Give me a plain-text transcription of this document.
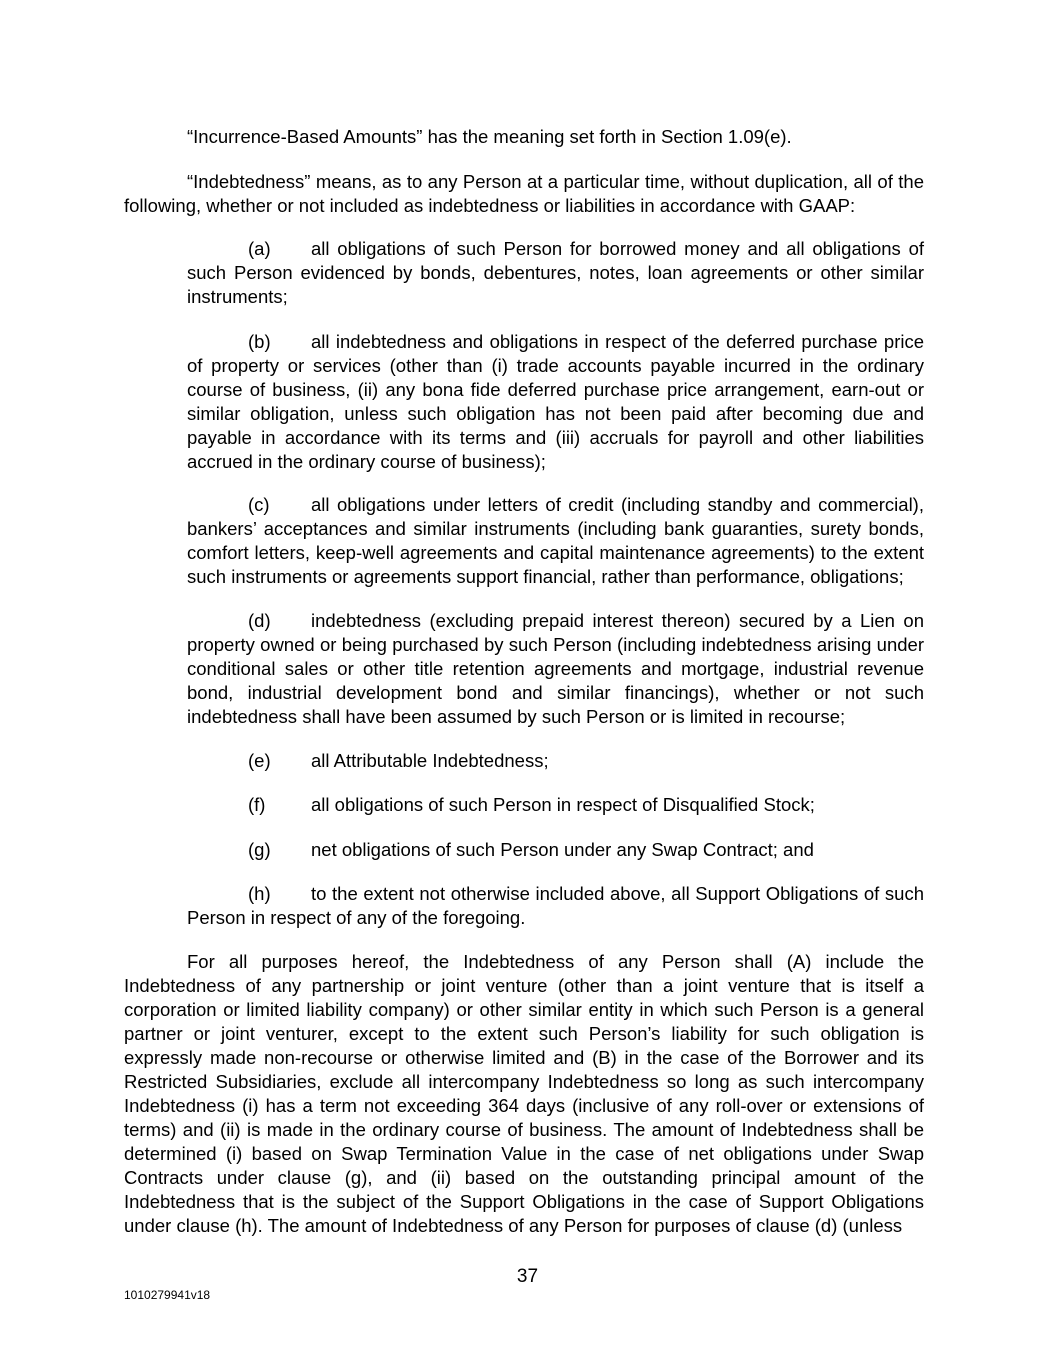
“Incurrence-Based Amounts” has the meaning set forth in Section 1.09(e).

“Indebtedness” means, as to any Person at a particular time, without duplication, all of the following, whether or not included as indebtedness or liabilities in accordance with GAAP:

(a) all obligations of such Person for borrowed money and all obligations of such Person evidenced by bonds, debentures, notes, loan agreements or other similar instruments;

(b) all indebtedness and obligations in respect of the deferred purchase price of property or services (other than (i) trade accounts payable incurred in the ordinary course of business, (ii) any bona fide deferred purchase price arrangement, earn-out or similar obligation, unless such obligation has not been paid after becoming due and payable in accordance with its terms and (iii) accruals for payroll and other liabilities accrued in the ordinary course of business);

(c) all obligations under letters of credit (including standby and commercial), bankers’ acceptances and similar instruments (including bank guaranties, surety bonds, comfort letters, keep-well agreements and capital maintenance agreements) to the extent such instruments or agreements support financial, rather than performance, obligations;

(d) indebtedness (excluding prepaid interest thereon) secured by a Lien on property owned or being purchased by such Person (including indebtedness arising under conditional sales or other title retention agreements and mortgage, industrial revenue bond, industrial development bond and similar financings), whether or not such indebtedness shall have been assumed by such Person or is limited in recourse;

(e) all Attributable Indebtedness;

(f) all obligations of such Person in respect of Disqualified Stock;

(g) net obligations of such Person under any Swap Contract; and

(h) to the extent not otherwise included above, all Support Obligations of such Person in respect of any of the foregoing.

For all purposes hereof, the Indebtedness of any Person shall (A) include the Indebtedness of any partnership or joint venture (other than a joint venture that is itself a corporation or limited liability company) or other similar entity in which such Person is a general partner or joint venturer, except to the extent such Person’s liability for such obligation is expressly made non-recourse or otherwise limited and (B) in the case of the Borrower and its Restricted Subsidiaries, exclude all intercompany Indebtedness so long as such intercompany Indebtedness (i) has a term not exceeding 364 days (inclusive of any roll-over or extensions of terms) and (ii) is made in the ordinary course of business. The amount of Indebtedness shall be determined (i) based on Swap Termination Value in the case of net obligations under Swap Contracts under clause (g), and (ii) based on the outstanding principal amount of the Indebtedness that is the subject of the Support Obligations in the case of Support Obligations under clause (h). The amount of Indebtedness of any Person for purposes of clause (d) (unless

37
1010279941v18
